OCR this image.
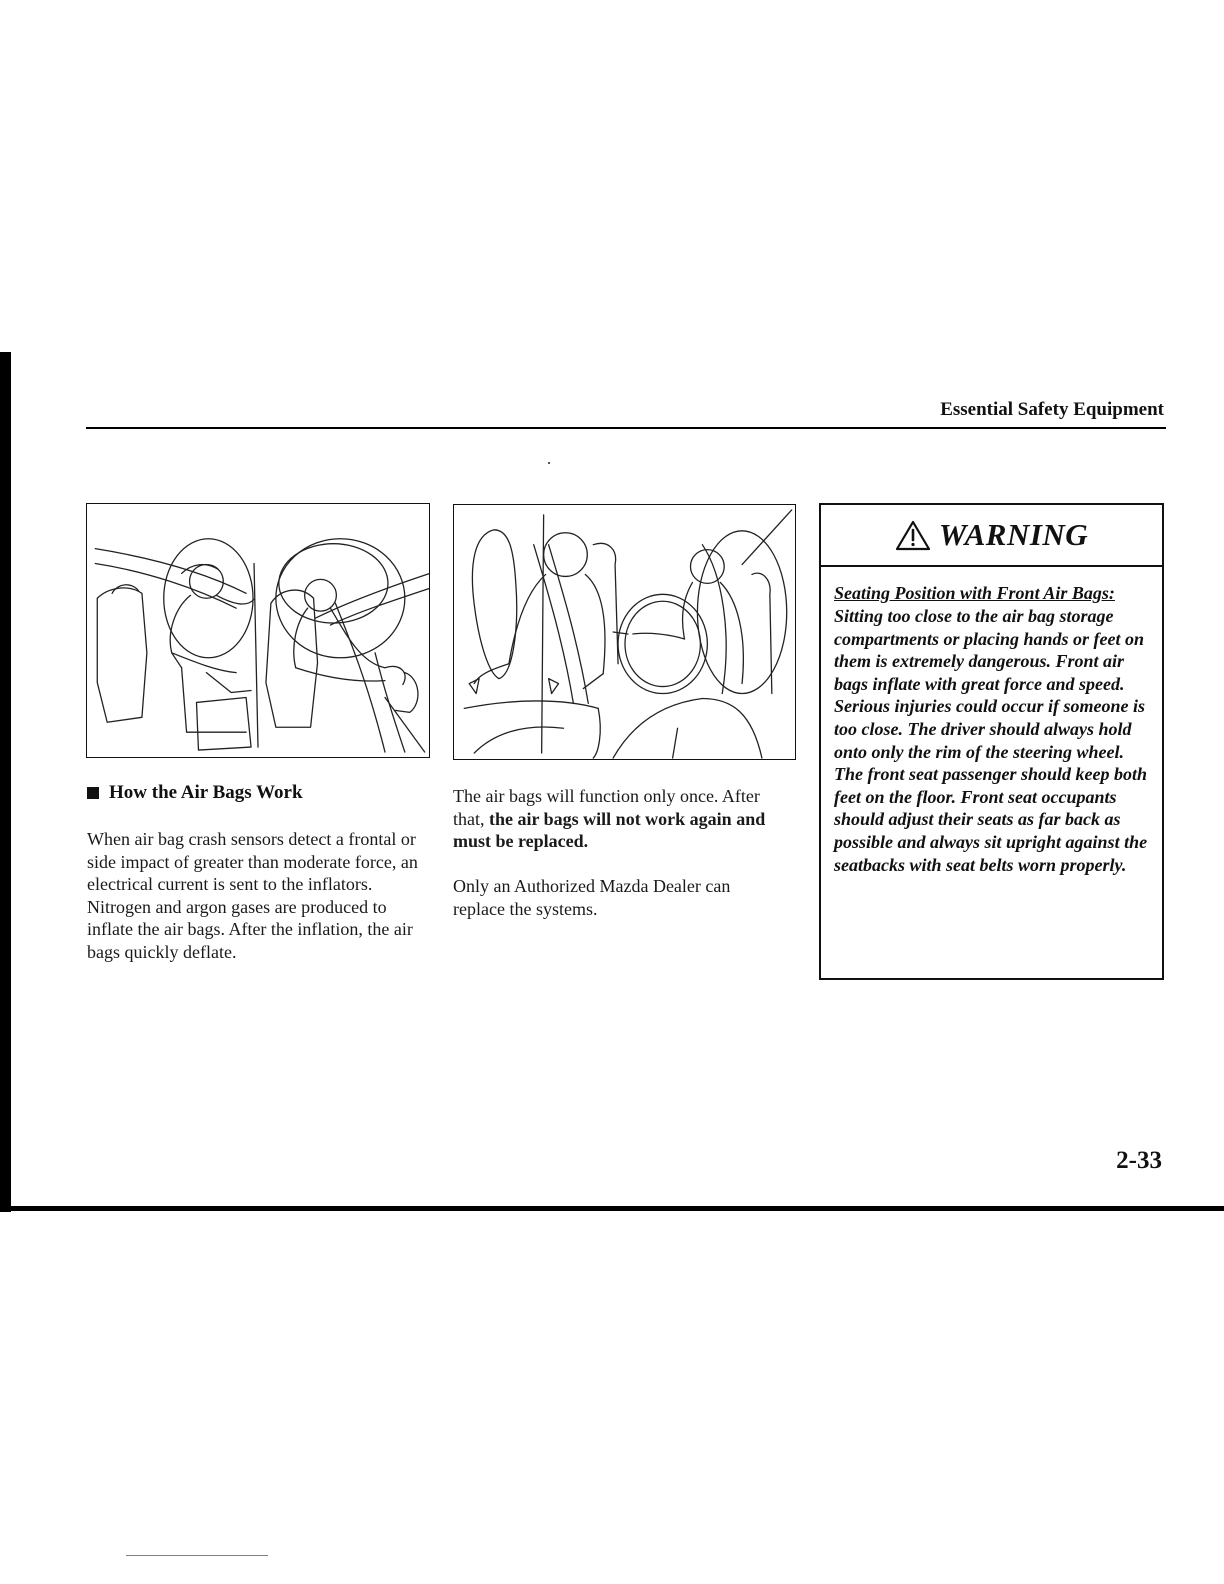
Essential Safety Equipment
How the Air Bags Work

When air bag crash sensors detect a frontal or side impact of greater than moderate force, an electrical current is sent to the inflators. Nitrogen and argon gases are produced to inflate the air bags. After the inflation, the air bags quickly deflate.

The air bags will function only once. After that, the air bags will not work again and must be replaced.

Only an Authorized Mazda Dealer can replace the systems.

WARNING

Seating Position with Front Air Bags:

Sitting too close to the air bag storage compartments or placing hands or feet on them is extremely dangerous. Front air bags inflate with great force and speed. Serious injuries could occur if someone is too close. The driver should always hold onto only the rim of the steering wheel. The front seat passenger should keep both feet on the floor. Front seat occupants should adjust their seats as far back as possible and always sit upright against the seatbacks with seat belts worn properly.

2-33
